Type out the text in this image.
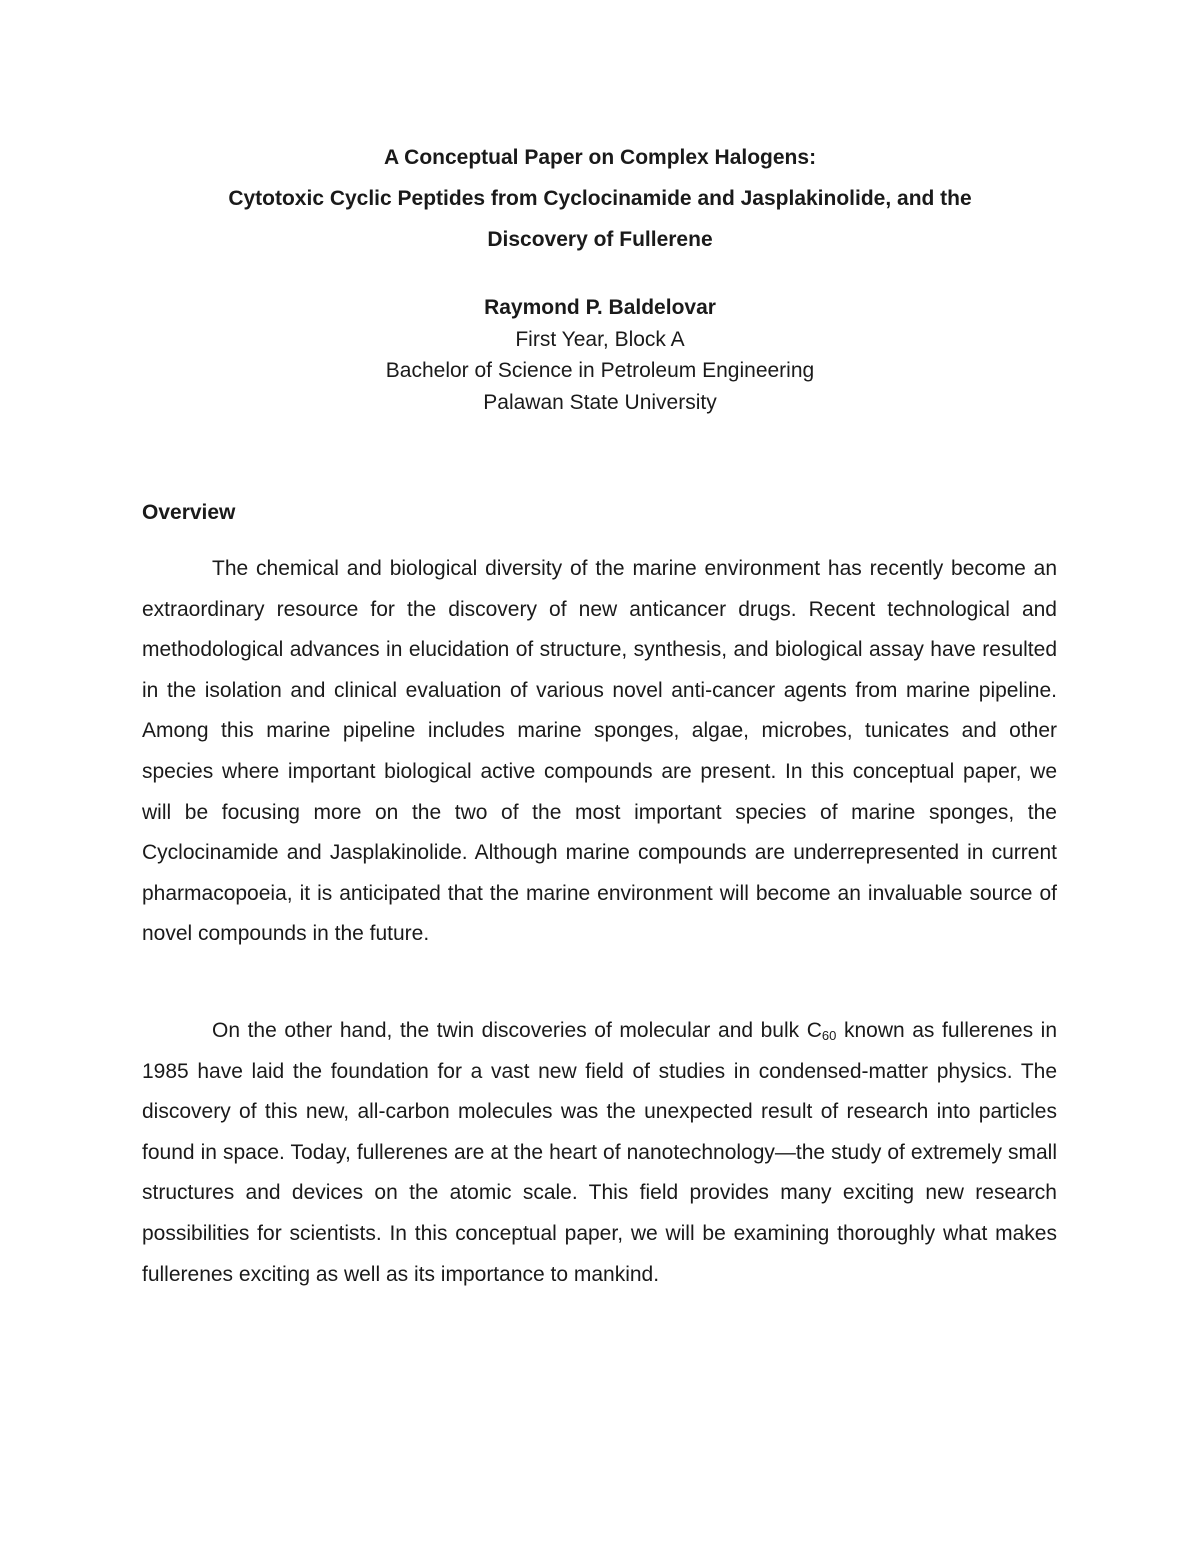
A Conceptual Paper on Complex Halogens:
Cytotoxic Cyclic Peptides from Cyclocinamide and Jasplakinolide, and the
Discovery of Fullerene
Raymond P. Baldelovar
First Year, Block A
Bachelor of Science in Petroleum Engineering
Palawan State University
Overview

The chemical and biological diversity of the marine environment has recently become an extraordinary resource for the discovery of new anticancer drugs. Recent technological and methodological advances in elucidation of structure, synthesis, and biological assay have resulted in the isolation and clinical evaluation of various novel anti-cancer agents from marine pipeline. Among this marine pipeline includes marine sponges, algae, microbes, tunicates and other species where important biological active compounds are present. In this conceptual paper, we will be focusing more on the two of the most important species of marine sponges, the Cyclocinamide and Jasplakinolide. Although marine compounds are underrepresented in current pharmacopoeia, it is anticipated that the marine environment will become an invaluable source of novel compounds in the future.

On the other hand, the twin discoveries of molecular and bulk $C_{60}$ known as fullerenes in 1985 have laid the foundation for a vast new field of studies in condensed-matter physics. The discovery of this new, all-carbon molecules was the unexpected result of research into particles found in space. Today, fullerenes are at the heart of nanotechnology—the study of extremely small structures and devices on the atomic scale. This field provides many exciting new research possibilities for scientists. In this conceptual paper, we will be examining thoroughly what makes fullerenes exciting as well as its importance to mankind.
